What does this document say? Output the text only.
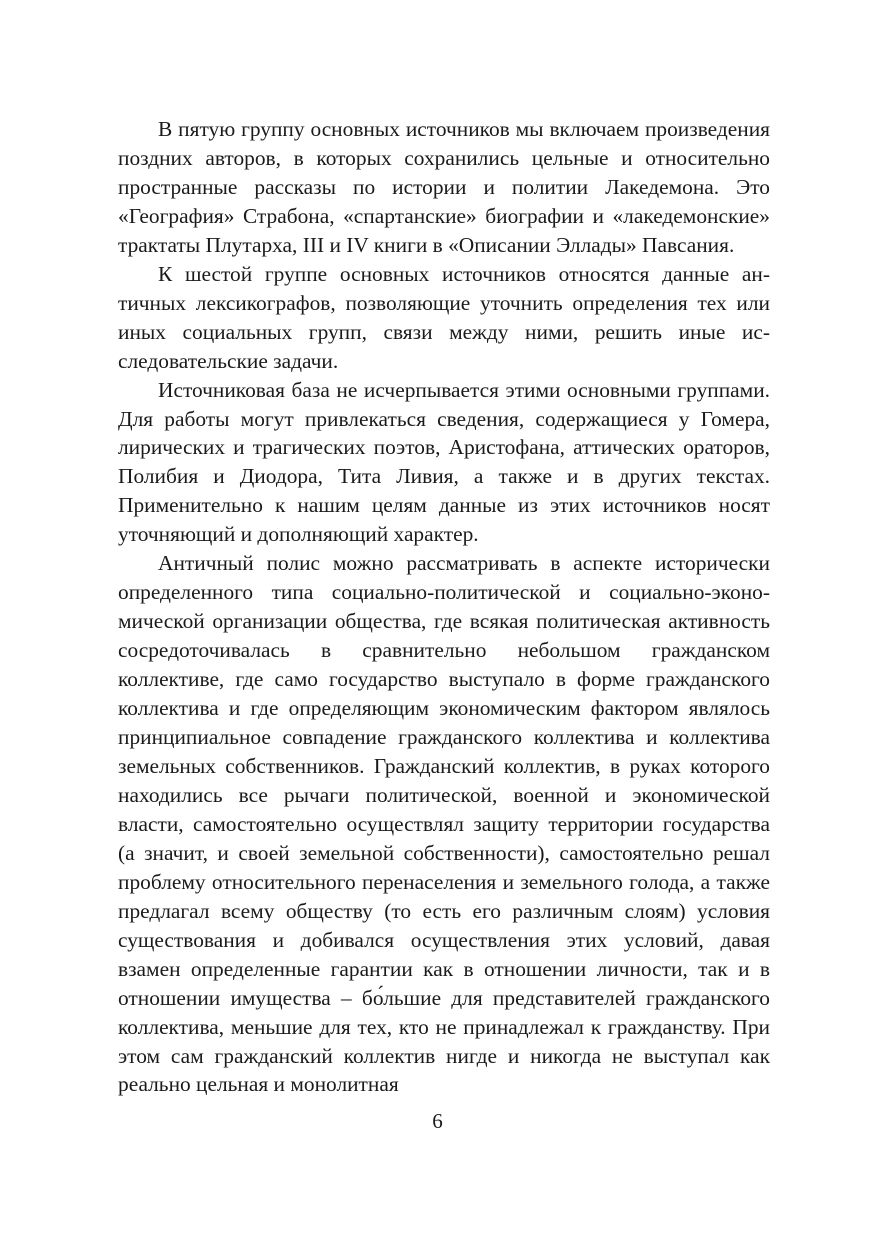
В пятую группу основных источников мы включаем произведения поздних авторов, в которых сохранились цельные и относительно пространные рассказы по истории и политии Лакедемона. Это «География» Страбона, «спартанские» биографии и «лакедемонские» трактаты Плутарха, III и IV книги в «Описании Эллады» Павсания.

К шестой группе основных источников относятся данные античных лексикографов, позволяющие уточнить определения тех или иных социальных групп, связи между ними, решить иные исследовательские задачи.

Источниковая база не исчерпывается этими основными группами. Для работы могут привлекаться сведения, содержащиеся у Гомера, лирических и трагических поэтов, Аристофана, аттических ораторов, Полибия и Диодора, Тита Ливия, а также и в других текстах. Применительно к нашим целям данные из этих источников носят уточняющий и дополняющий характер.

Античный полис можно рассматривать в аспекте исторически определенного типа социально-политической и социально-экономической организации общества, где всякая политическая активность сосредоточивалась в сравнительно небольшом гражданском коллективе, где само государство выступало в форме гражданского коллектива и где определяющим экономическим фактором являлось принципиальное совпадение гражданского коллектива и коллектива земельных собственников. Гражданский коллектив, в руках которого находились все рычаги политической, военной и экономической власти, самостоятельно осуществлял защиту территории государства (а значит, и своей земельной собственности), самостоятельно решал проблему относительного перенаселения и земельного голода, а также предлагал всему обществу (то есть его различным слоям) условия существования и добивался осуществления этих условий, давая взамен определенные гарантии как в отношении личности, так и в отношении имущества – бо́льшие для представителей гражданского коллектива, меньшие для тех, кто не принадлежал к гражданству. При этом сам гражданский коллектив нигде и никогда не выступал как реально цельная и монолитная

6
